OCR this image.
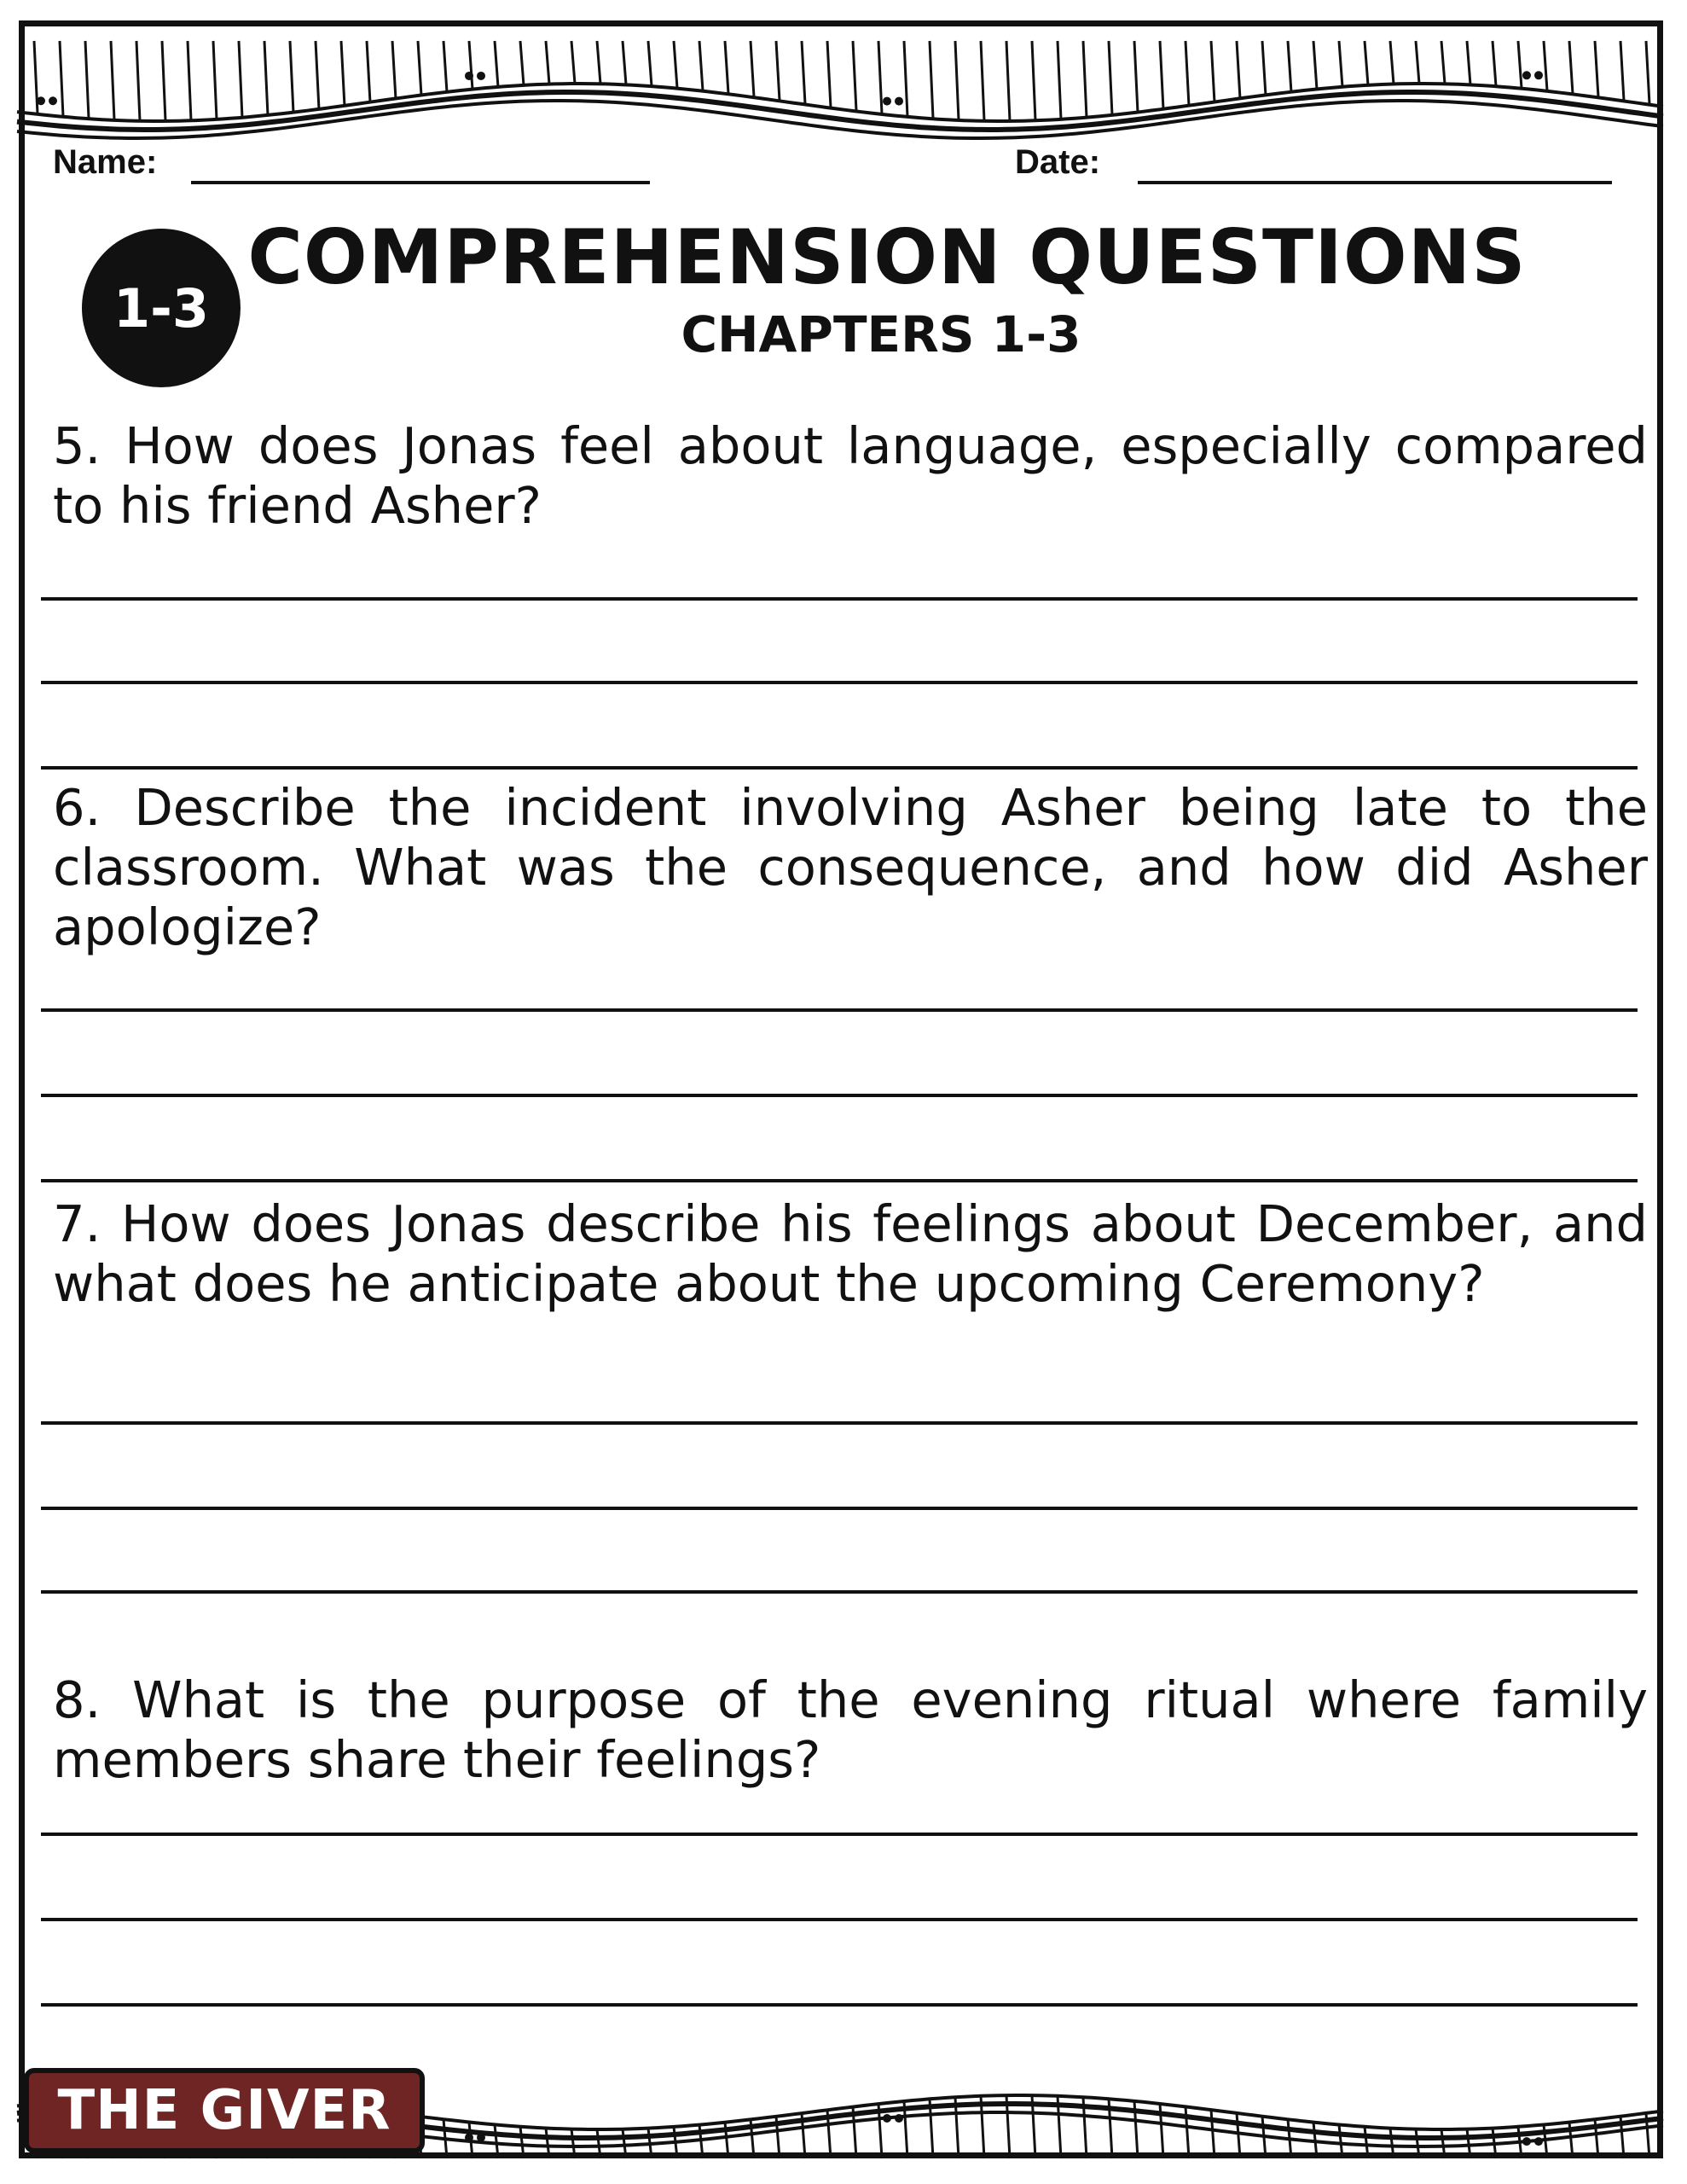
Name:	Date:
1-3
COMPREHENSION QUESTIONS
CHAPTERS 1-3
5. How does Jonas feel about language, especially compared to his friend Asher?
6. Describe the incident involving Asher being late to the classroom. What was the consequence, and how did Asher apologize?
7. How does Jonas describe his feelings about December, and what does he anticipate about the upcoming Ceremony?
8. What is the purpose of the evening ritual where family members share their feelings?
THE GIVER
